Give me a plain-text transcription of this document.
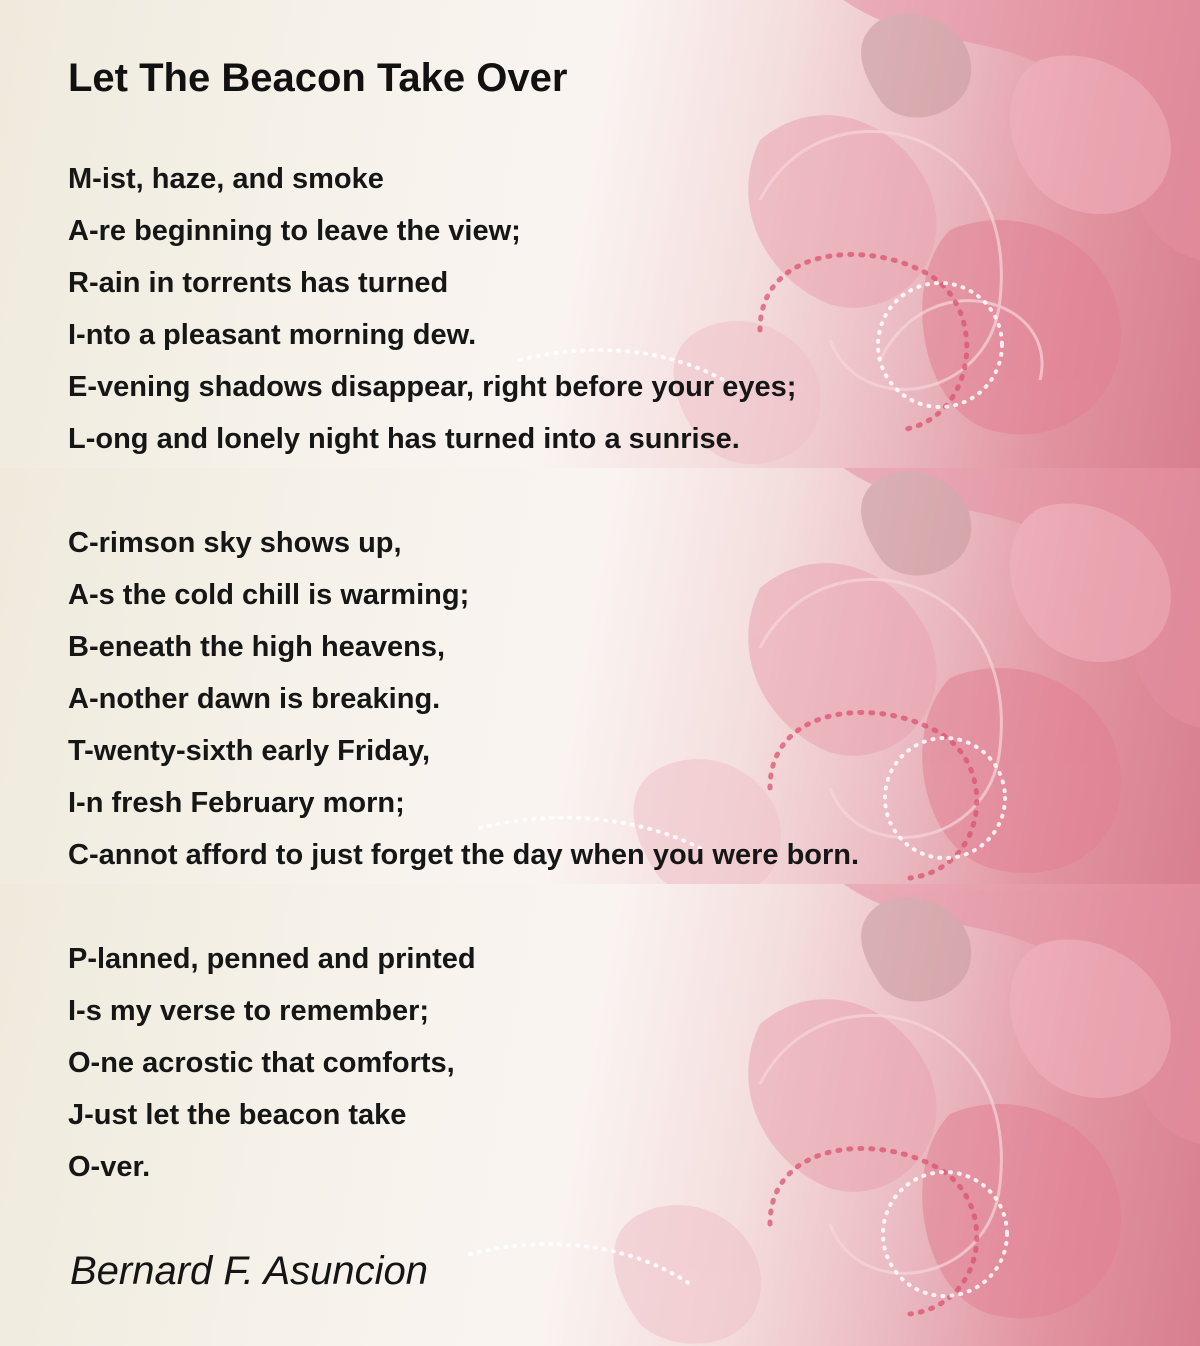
Let The Beacon Take Over
M-ist, haze, and smoke
A-re beginning to leave the view;
R-ain in torrents has turned
I-nto a pleasant morning dew.
E-vening shadows disappear, right before your eyes;
L-ong and lonely night has turned into a sunrise.
C-rimson sky shows up,
A-s the cold chill is warming;
B-eneath the high heavens,
A-nother dawn is breaking.
T-wenty-sixth early Friday,
I-n fresh February morn;
C-annot afford to just forget the day when you were born.
P-lanned, penned and printed
I-s my verse to remember;
O-ne acrostic that comforts,
J-ust let the beacon take
O-ver.
Bernard F. Asuncion
